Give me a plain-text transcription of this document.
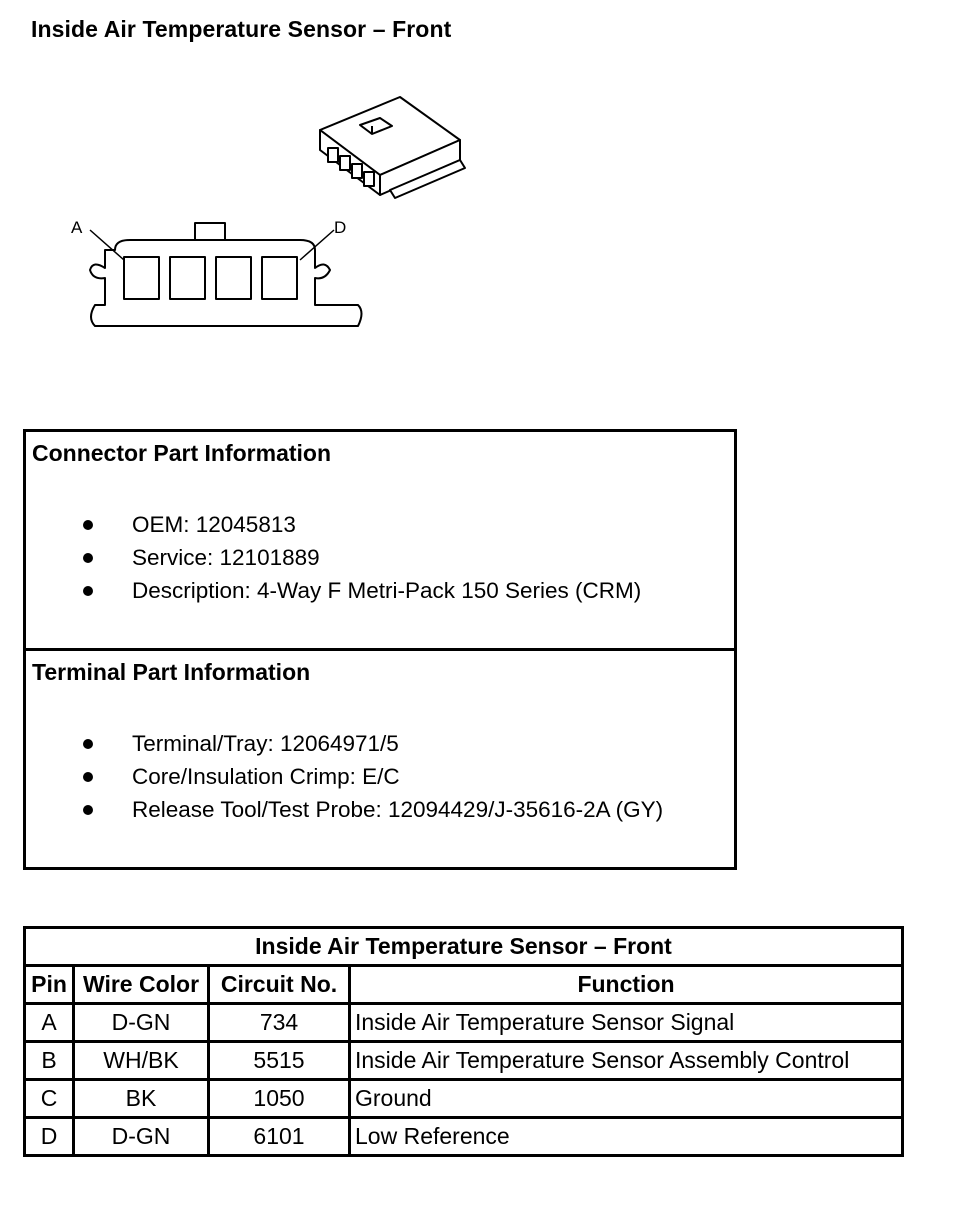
Inside Air Temperature Sensor – Front
A	D
Connector Part Information
OEM: 12045813
Service: 12101889
Description: 4-Way F Metri-Pack 150 Series (CRM)
Terminal Part Information
Terminal/Tray: 12064971/5
Core/Insulation Crimp: E/C
Release Tool/Test Probe: 12094429/J-35616-2A (GY)
Inside Air Temperature Sensor – Front			
Pin	Wire Color	Circuit No.	Function
A	D-GN	734	Inside Air Temperature Sensor Signal
B	WH/BK	5515	Inside Air Temperature Sensor Assembly Control
C	BK	1050	Ground
D	D-GN	6101	Low Reference
